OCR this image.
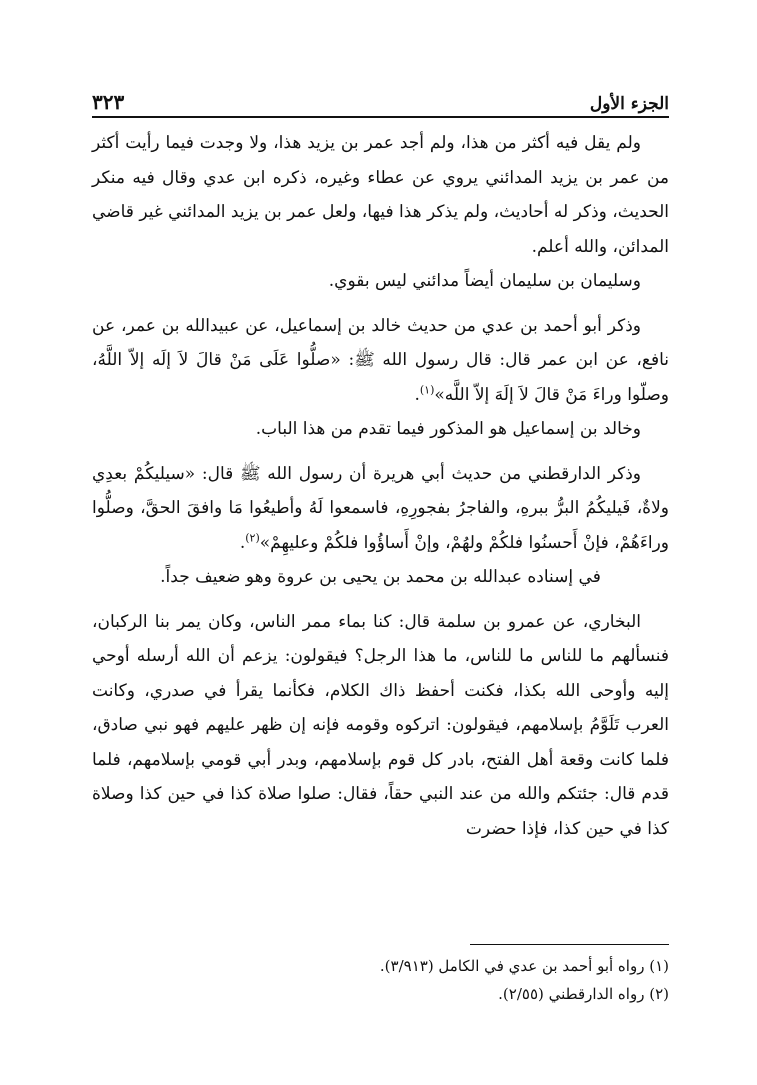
الجزء الأول
٣٢٣

ولم يقل فيه أكثر من هذا، ولم أجد عمر بن يزيد هذا، ولا وجدت فيما رأيت أكثر من عمر بن يزيد المدائني يروي عن عطاء وغيره، ذكره ابن عدي وقال فيه منكر الحديث، وذكر له أحاديث، ولم يذكر هذا فيها، ولعل عمر بن يزيد المدائني غير قاضي المدائن، والله أعلم.

وسليمان بن سليمان أيضاً مدائني ليس بقوي.

وذكر أبو أحمد بن عدي من حديث خالد بن إسماعيل، عن عبيدالله بن عمر، عن نافع، عن ابن عمر قال: قال رسول الله ﷺ: «صلُّوا عَلَى مَنْ قالَ لاَ إلَه إلاّ اللَّهُ، وصلّوا وراءَ مَنْ قالَ لاَ إلَهَ إلاّ اللَّه»$^{(١)}$.

وخالد بن إسماعيل هو المذكور فيما تقدم من هذا الباب.

وذكر الدارقطني من حديث أبي هريرة أن رسول الله ﷺ قال: «سيليكُمْ بعدِي ولاةٌ، فَيليكُمُ البرُّ ببرهِ، والفاجرُ بفجورِهِ، فاسمعوا لَهُ وأطيعُوا مَا وافقَ الحقَّ، وصلُّوا وراءَهُمْ، فإنْ أَحسنُوا فلكُمْ ولهُمْ، وإنْ أَساؤُوا فلكُمْ وعليهِمْ»$^{(٢)}$.

في إسناده عبدالله بن محمد بن يحيى بن عروة وهو ضعيف جداً.

البخاري، عن عمرو بن سلمة قال: كنا بماء ممر الناس، وكان يمر بنا الركبان، فنسألهم ما للناس ما للناس، ما هذا الرجل؟ فيقولون: يزعم أن الله أرسله أوحي إليه وأوحى الله بكذا، فكنت أحفظ ذاك الكلام، فكأنما يقرأ في صدري، وكانت العرب تَلَوَّمُ بإسلامهم، فيقولون: اتركوه وقومه فإنه إن ظهر عليهم فهو نبي صادق، فلما كانت وقعة أهل الفتح، بادر كل قوم بإسلامهم، وبدر أبي قومي بإسلامهم، فلما قدم قال: جئتكم والله من عند النبي حقاً، فقال: صلوا صلاة كذا في حين كذا وصلاة كذا في حين كذا، فإذا حضرت

(١) رواه أبو أحمد بن عدي في الكامل (٣/٩١٣).
(٢) رواه الدارقطني (٢/٥٥).
